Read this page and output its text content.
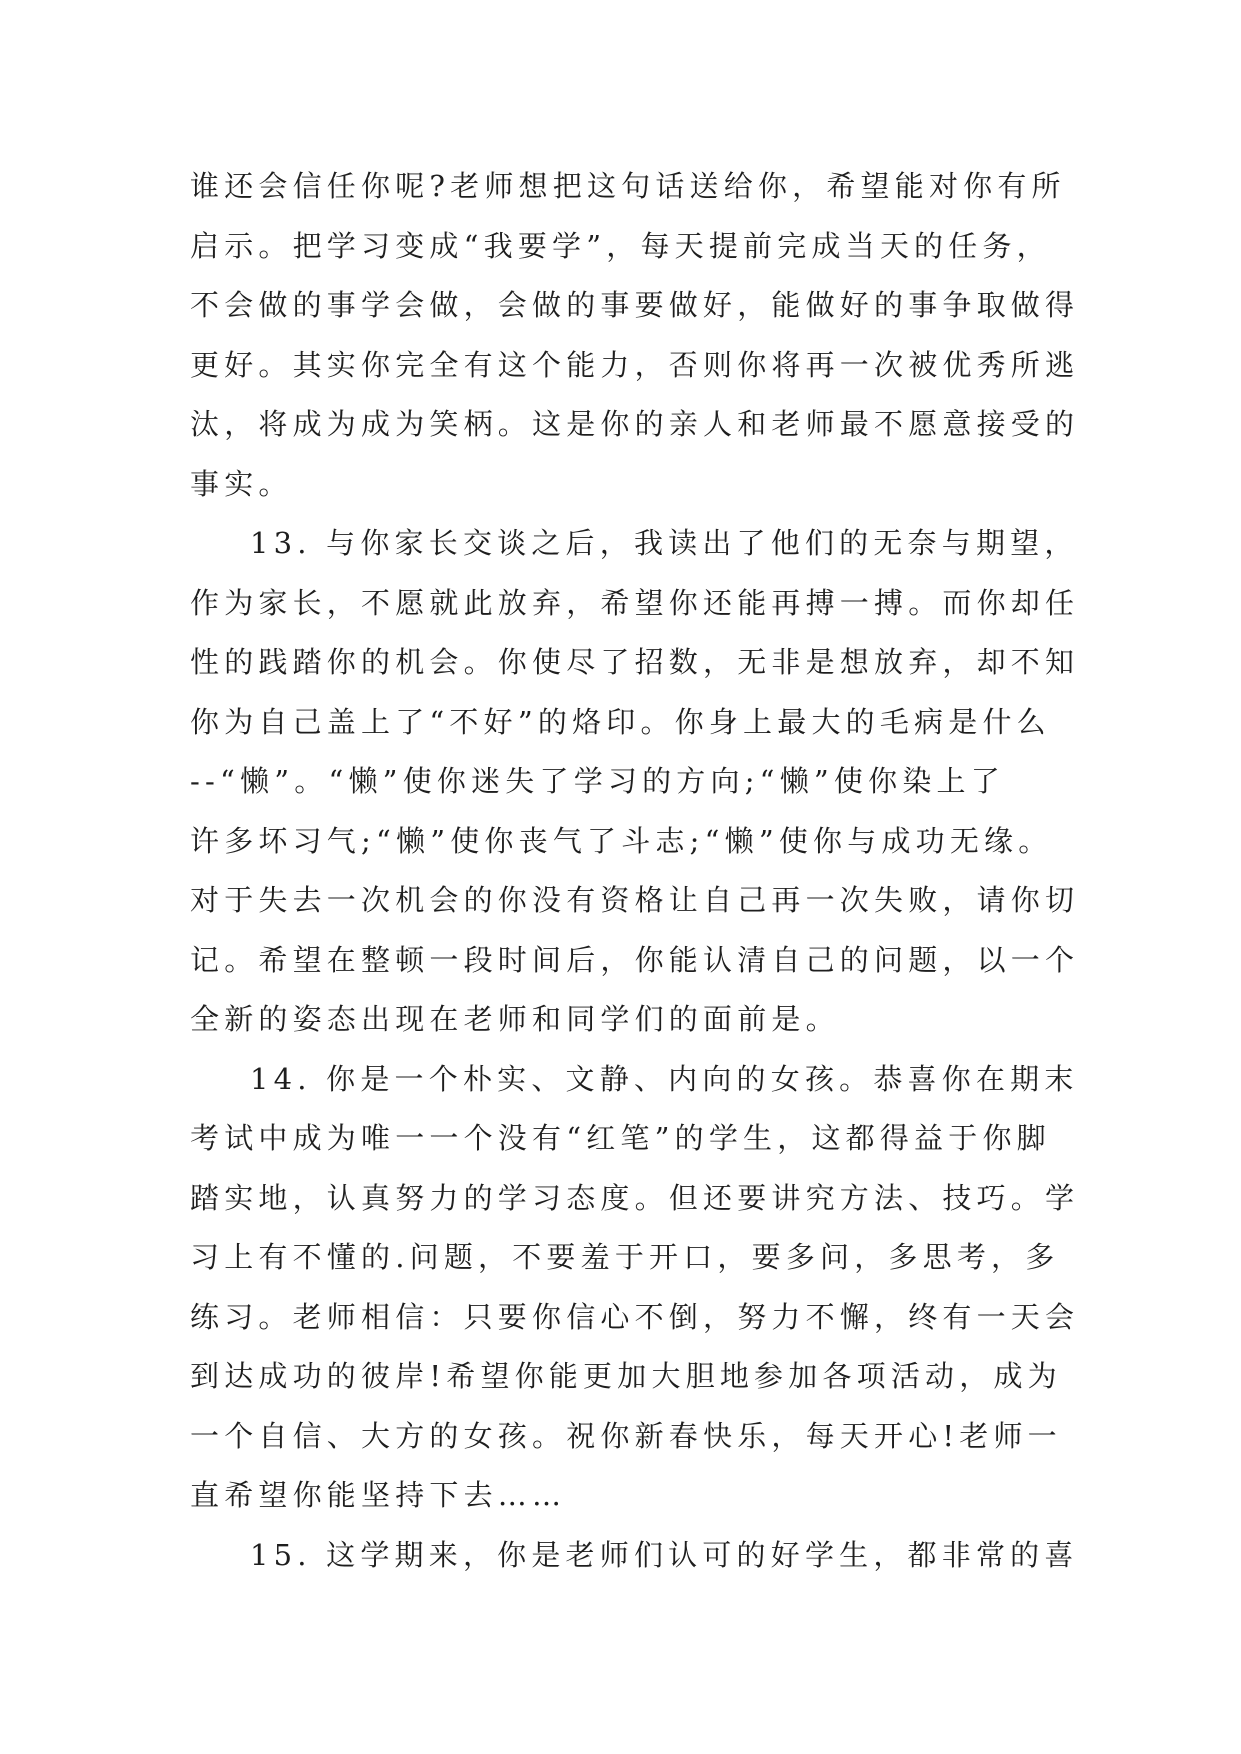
谁还会信任你呢?老师想把这句话送给你，希望能对你有所
启示。把学习变成“我要学”，每天提前完成当天的任务，
不会做的事学会做，会做的事要做好，能做好的事争取做得
更好。其实你完全有这个能力，否则你将再一次被优秀所逃
汰，将成为成为笑柄。这是你的亲人和老师最不愿意接受的
事实。

13. 与你家长交谈之后，我读出了他们的无奈与期望，
作为家长，不愿就此放弃，希望你还能再搏一搏。而你却任
性的践踏你的机会。你使尽了招数，无非是想放弃，却不知
你为自己盖上了“不好”的烙印。你身上最大的毛病是什么
--“懒”。“懒”使你迷失了学习的方向;“懒”使你染上了
许多坏习气;“懒”使你丧气了斗志;“懒”使你与成功无缘。
对于失去一次机会的你没有资格让自己再一次失败，请你切
记。希望在整顿一段时间后，你能认清自己的问题，以一个
全新的姿态出现在老师和同学们的面前是。

14. 你是一个朴实、文静、内向的女孩。恭喜你在期末
考试中成为唯一一个没有“红笔”的学生，这都得益于你脚
踏实地，认真努力的学习态度。但还要讲究方法、技巧。学
习上有不懂的.问题，不要羞于开口，要多问，多思考，多
练习。老师相信：只要你信心不倒，努力不懈，终有一天会
到达成功的彼岸!希望你能更加大胆地参加各项活动，成为
一个自信、大方的女孩。祝你新春快乐，每天开心!老师一
直希望你能坚持下去……

15. 这学期来，你是老师们认可的好学生，都非常的喜
